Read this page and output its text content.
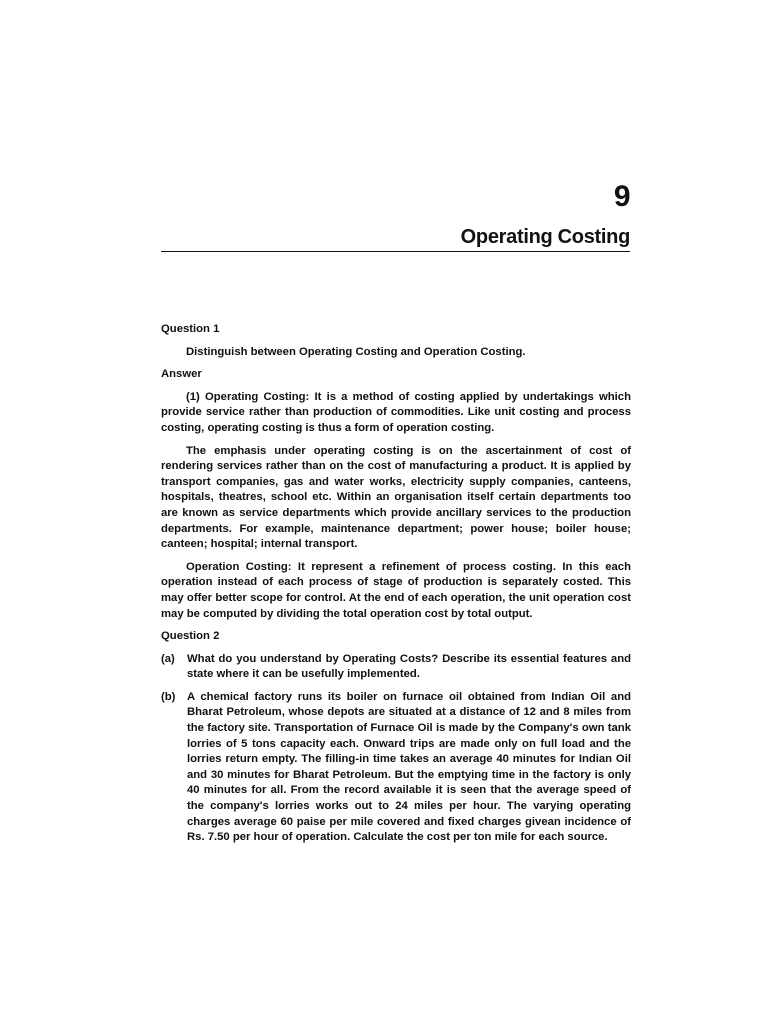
9
Operating Costing
Question 1

Distinguish between Operating Costing and Operation Costing.

Answer

(1) Operating Costing: It is a method of costing applied by undertakings which provide service rather than production of commodities. Like unit costing and process costing, operating costing is thus a form of operation costing.

The emphasis under operating costing is on the ascertainment of cost of rendering services rather than on the cost of manufacturing a product. It is applied by transport companies, gas and water works, electricity supply companies, canteens, hospitals, theatres, school etc. Within an organisation itself certain departments too are known as service departments which provide ancillary services to the production departments. For example, maintenance department; power house; boiler house; canteen; hospital; internal transport.

Operation Costing: It represent a refinement of process costing. In this each operation instead of each process of stage of production is separately costed. This may offer better scope for control. At the end of each operation, the unit operation cost may be computed by dividing the total operation cost by total output.

Question 2
(a)	What do you understand by Operating Costs? Describe its essential features and state where it can be usefully implemented.
(b)	A chemical factory runs its boiler on furnace oil obtained from Indian Oil and Bharat Petroleum, whose depots are situated at a distance of 12 and 8 miles from the factory site. Transportation of Furnace Oil is made by the Company's own tank lorries of 5 tons capacity each. Onward trips are made only on full load and the lorries return empty. The filling-in time takes an average 40 minutes for Indian Oil and 30 minutes for Bharat Petroleum. But the emptying time in the factory is only 40 minutes for all. From the record available it is seen that the average speed of the company's lorries works out to 24 miles per hour. The varying operating charges average 60 paise per mile covered and fixed charges givean incidence of Rs. 7.50 per hour of operation. Calculate the cost per ton mile for each source.
